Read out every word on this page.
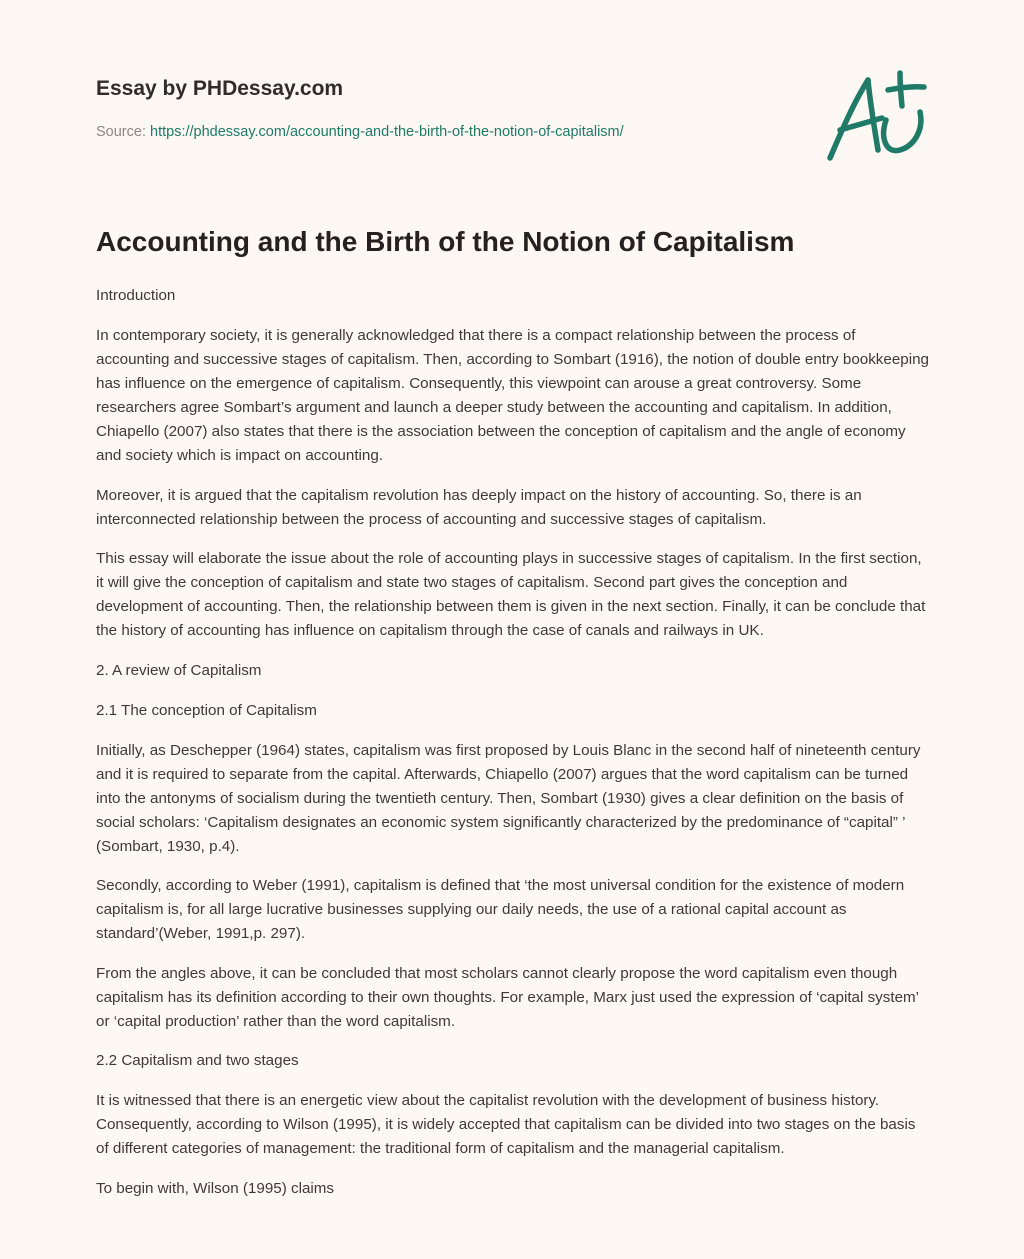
Essay by PHDessay.com
Source: https://phdessay.com/accounting-and-the-birth-of-the-notion-of-capitalism/
Accounting and the Birth of the Notion of Capitalism

Introduction

In contemporary society, it is generally acknowledged that there is a compact relationship between the process of accounting and successive stages of capitalism. Then, according to Sombart (1916), the notion of double entry bookkeeping has influence on the emergence of capitalism. Consequently, this viewpoint can arouse a great controversy. Some researchers agree Sombart’s argument and launch a deeper study between the accounting and capitalism. In addition, Chiapello (2007) also states that there is the association between the conception of capitalism and the angle of economy and society which is impact on accounting.

Moreover, it is argued that the capitalism revolution has deeply impact on the history of accounting. So, there is an interconnected relationship between the process of accounting and successive stages of capitalism.

This essay will elaborate the issue about the role of accounting plays in successive stages of capitalism. In the first section, it will give the conception of capitalism and state two stages of capitalism. Second part gives the conception and development of accounting. Then, the relationship between them is given in the next section. Finally, it can be conclude that the history of accounting has influence on capitalism through the case of canals and railways in UK.

2. A review of Capitalism

2.1 The conception of Capitalism

Initially, as Deschepper (1964) states, capitalism was first proposed by Louis Blanc in the second half of nineteenth century and it is required to separate from the capital. Afterwards, Chiapello (2007) argues that the word capitalism can be turned into the antonyms of socialism during the twentieth century. Then, Sombart (1930) gives a clear definition on the basis of social scholars: ‘Capitalism designates an economic system significantly characterized by the predominance of “capital” ’ (Sombart, 1930, p.4).

Secondly, according to Weber (1991), capitalism is defined that ‘the most universal condition for the existence of modern capitalism is, for all large lucrative businesses supplying our daily needs, the use of a rational capital account as standard’(Weber, 1991,p. 297).

From the angles above, it can be concluded that most scholars cannot clearly propose the word capitalism even though capitalism has its definition according to their own thoughts. For example, Marx just used the expression of ‘capital system’ or ‘capital production’ rather than the word capitalism.

2.2 Capitalism and two stages

It is witnessed that there is an energetic view about the capitalist revolution with the development of business history. Consequently, according to Wilson (1995), it is widely accepted that capitalism can be divided into two stages on the basis of different categories of management: the traditional form of capitalism and the managerial capitalism.

To begin with, Wilson (1995) claims
